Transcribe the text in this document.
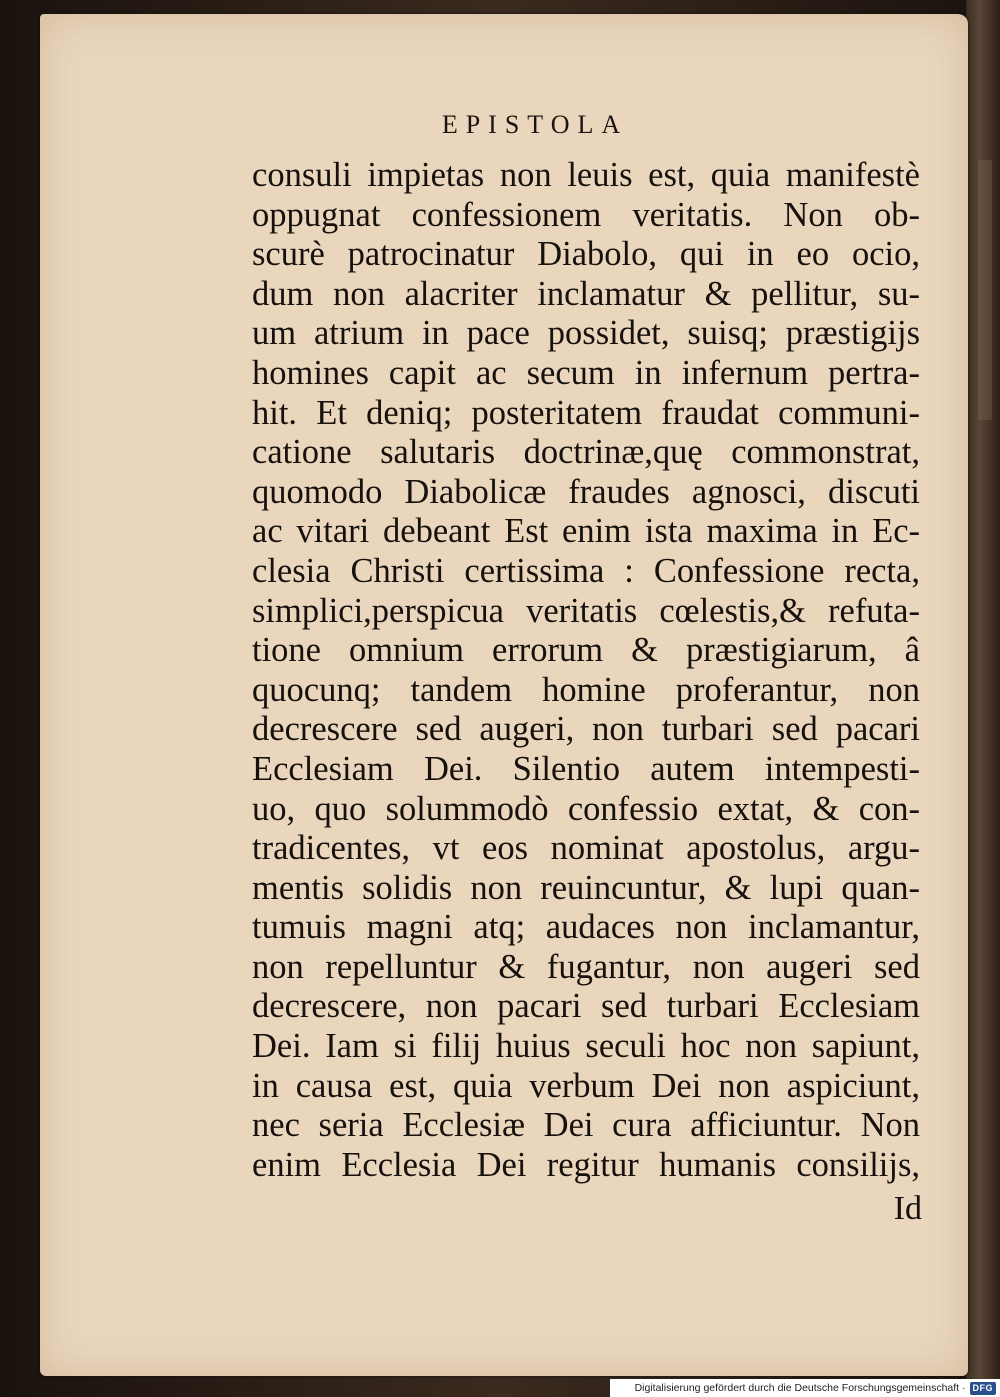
EPISTOLA
consuli impietas non leuis est, quia manifestè
oppugnat confessionem veritatis. Non ob-
scurè patrocinatur Diabolo, qui in eo ocio,
dum non alacriter inclamatur & pellitur, su-
um atrium in pace possidet, suisq; præstigijs
homines capit ac secum in infernum pertra-
hit. Et deniq; posteritatem fraudat communi-
catione salutaris doctrinæ,quę commonstrat,
quomodo Diabolicæ fraudes agnosci, discuti
ac vitari debeant Est enim ista maxima in Ec-
clesia Christi certissima : Confessione recta,
simplici,perspicua veritatis cœlestis,& refuta-
tione omnium errorum & præstigiarum, â
quocunq; tandem homine proferantur, non
decrescere sed augeri, non turbari sed pacari
Ecclesiam Dei. Silentio autem intempesti-
uo, quo solummodò confessio extat, & con-
tradicentes, vt eos nominat apostolus, argu-
mentis solidis non reuincuntur, & lupi quan-
tumuis magni atq; audaces non inclamantur,
non repelluntur & fugantur, non augeri sed
decrescere, non pacari sed turbari Ecclesiam
Dei. Iam si filij huius seculi hoc non sapiunt,
in causa est, quia verbum Dei non aspiciunt,
nec seria Ecclesiæ Dei cura afficiuntur. Non
enim Ecclesia Dei regitur humanis consilijs,
Id
Digitalisierung gefördert durch die Deutsche Forschungsgemeinschaft · DFG
